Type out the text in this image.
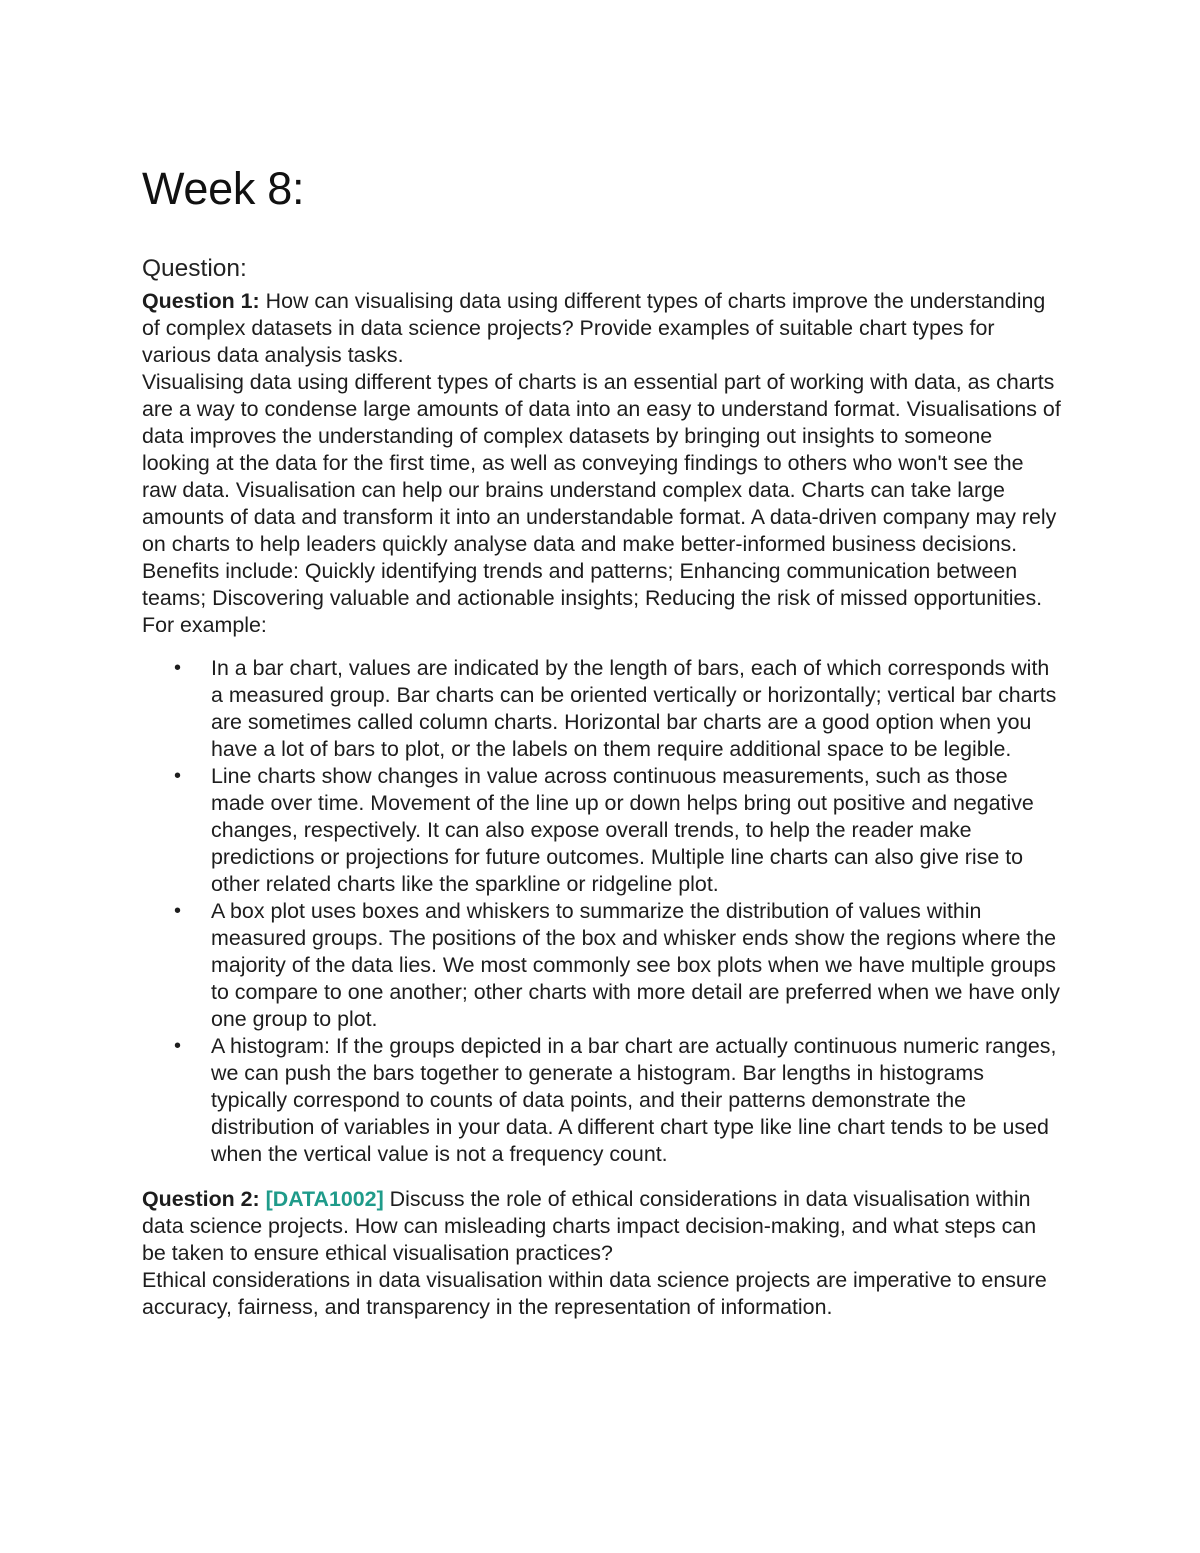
Week 8:
Question:

Question 1: How can visualising data using different types of charts improve the understanding of complex datasets in data science projects? Provide examples of suitable chart types for various data analysis tasks.

Visualising data using different types of charts is an essential part of working with data, as charts are a way to condense large amounts of data into an easy to understand format. Visualisations of data improves the understanding of complex datasets by bringing out insights to someone looking at the data for the first time, as well as conveying findings to others who won't see the raw data. Visualisation can help our brains understand complex data. Charts can take large amounts of data and transform it into an understandable format. A data-driven company may rely on charts to help leaders quickly analyse data and make better-informed business decisions. Benefits include: Quickly identifying trends and patterns; Enhancing communication between teams; Discovering valuable and actionable insights; Reducing the risk of missed opportunities.

For example:

• In a bar chart, values are indicated by the length of bars, each of which corresponds with a measured group. Bar charts can be oriented vertically or horizontally; vertical bar charts are sometimes called column charts. Horizontal bar charts are a good option when you have a lot of bars to plot, or the labels on them require additional space to be legible.
• Line charts show changes in value across continuous measurements, such as those made over time. Movement of the line up or down helps bring out positive and negative changes, respectively. It can also expose overall trends, to help the reader make predictions or projections for future outcomes. Multiple line charts can also give rise to other related charts like the sparkline or ridgeline plot.
• A box plot uses boxes and whiskers to summarize the distribution of values within measured groups. The positions of the box and whisker ends show the regions where the majority of the data lies. We most commonly see box plots when we have multiple groups to compare to one another; other charts with more detail are preferred when we have only one group to plot.
• A histogram: If the groups depicted in a bar chart are actually continuous numeric ranges, we can push the bars together to generate a histogram. Bar lengths in histograms typically correspond to counts of data points, and their patterns demonstrate the distribution of variables in your data. A different chart type like line chart tends to be used when the vertical value is not a frequency count.

Question 2: [DATA1002] Discuss the role of ethical considerations in data visualisation within data science projects. How can misleading charts impact decision-making, and what steps can be taken to ensure ethical visualisation practices?

Ethical considerations in data visualisation within data science projects are imperative to ensure accuracy, fairness, and transparency in the representation of information.
